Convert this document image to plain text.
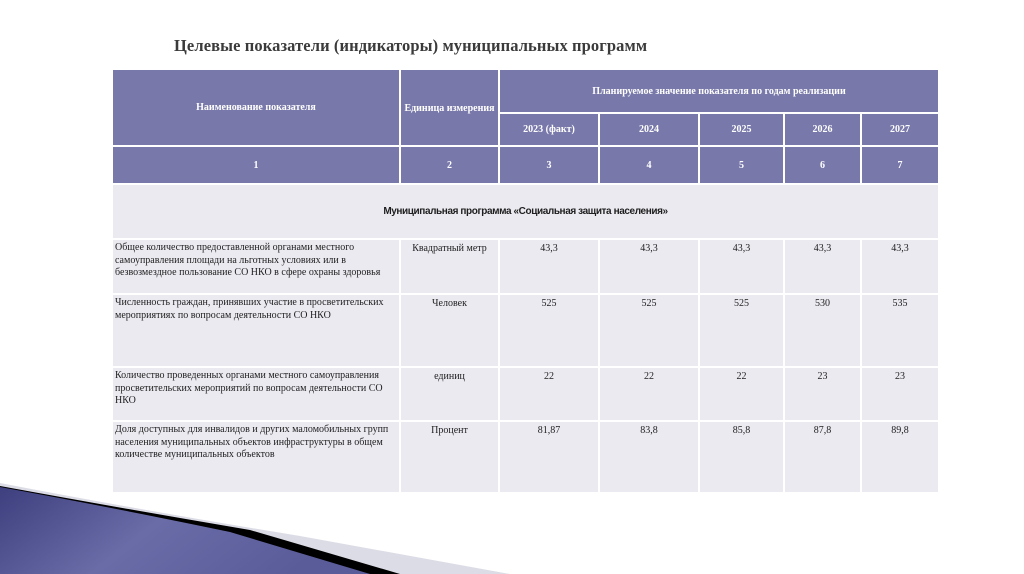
Целевые показатели (индикаторы) муниципальных программ
Наименование показателя	Единица измерения	Планируемое значение показателя по годам реализации				
		2023 (факт)	2024	2025	2026	2027
1	2	3	4	5	6	7
Муниципальная программа «Социальная защита населения»						
Общее количество предоставленной органами местного самоуправления площади на льготных условиях или в безвозмездное пользование СО НКО в сфере охраны здоровья	Квадратный метр	43,3	43,3	43,3	43,3	43,3
Численность граждан, принявших участие в просветительских мероприятиях по вопросам деятельности СО НКО	Человек	525	525	525	530	535
Количество проведенных органами местного самоуправления просветительских мероприятий по вопросам деятельности СО НКО	единиц	22	22	22	23	23
Доля доступных для инвалидов и других маломобильных групп населения муниципальных объектов инфраструктуры в общем количестве муниципальных объектов	Процент	81,87	83,8	85,8	87,8	89,8
